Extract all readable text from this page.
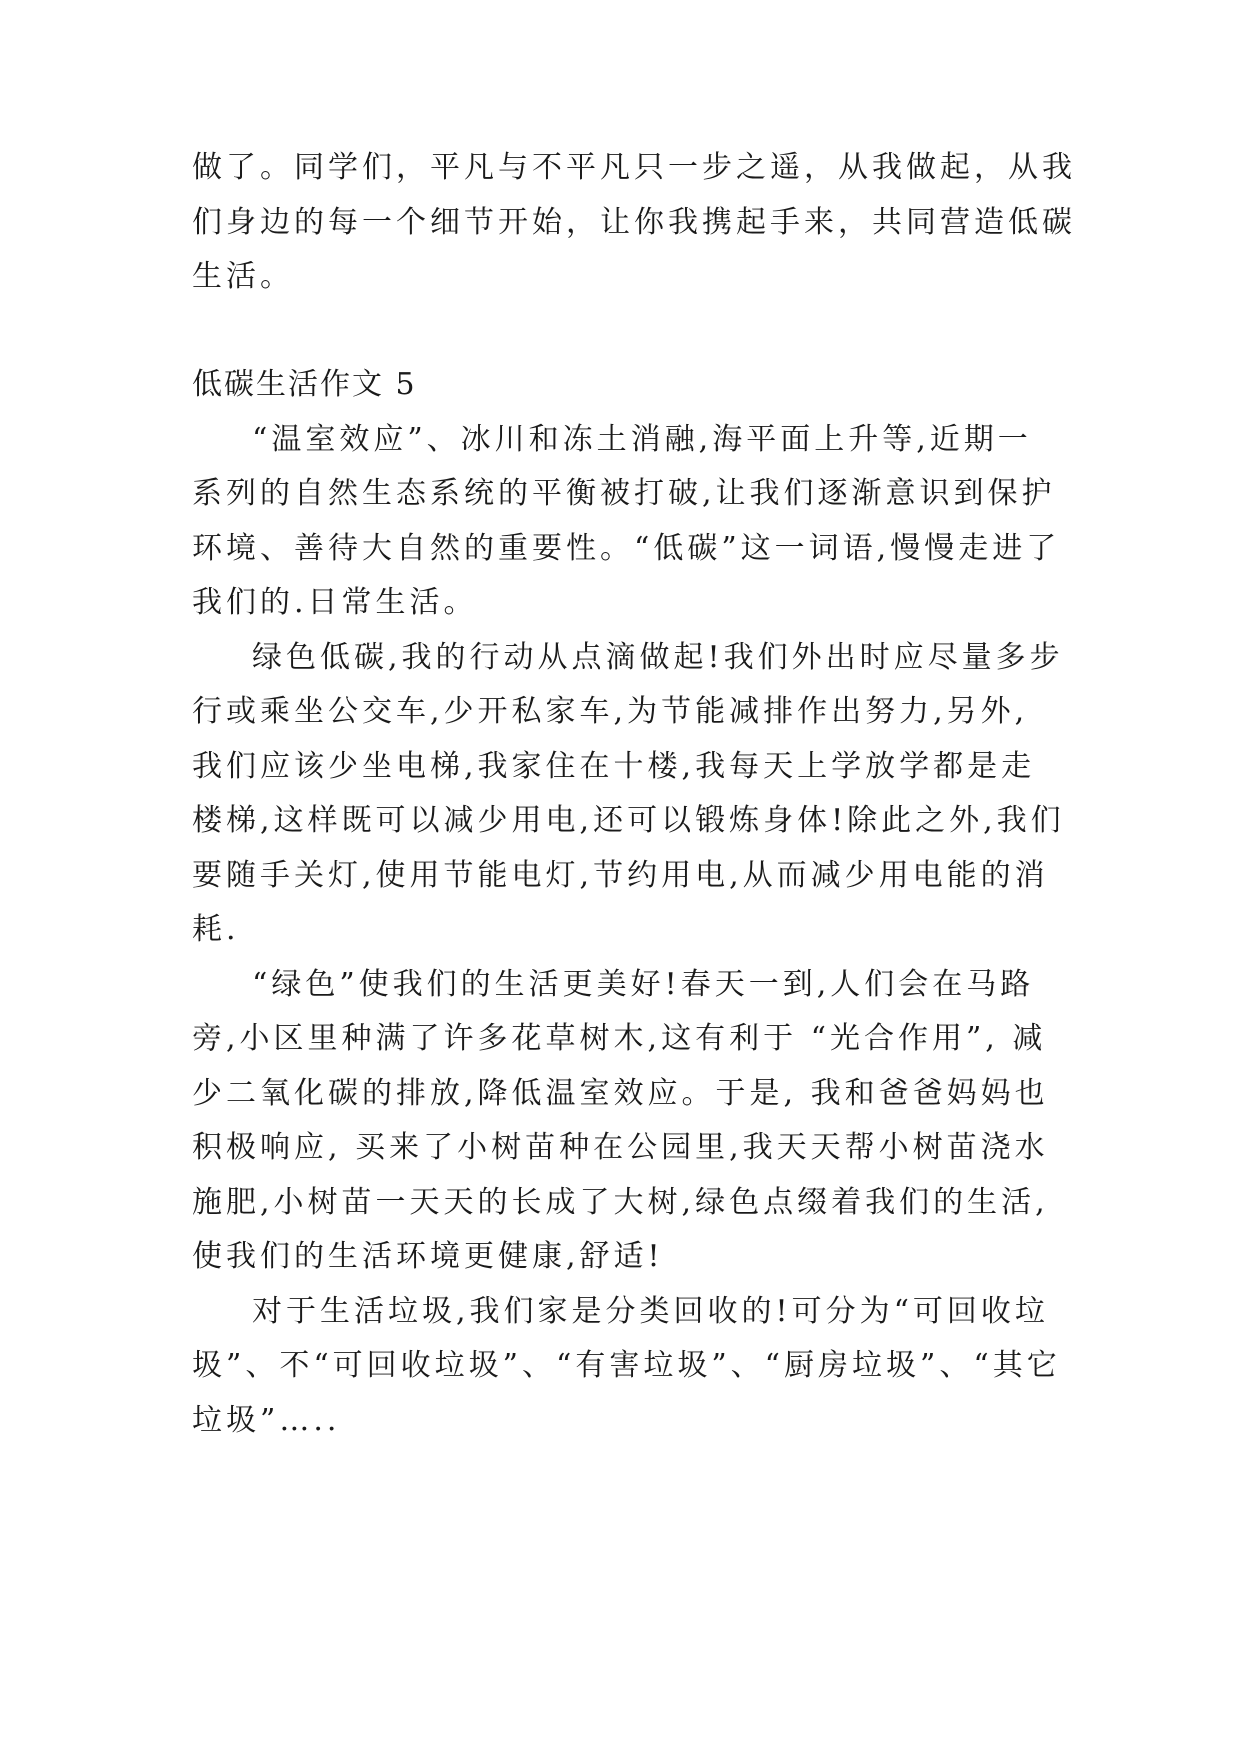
做了。同学们，平凡与不平凡只一步之遥，从我做起，从我
们身边的每一个细节开始，让你我携起手来，共同营造低碳
生活。
低碳生活作文 5
“温室效应”、冰川和冻土消融,海平面上升等,近期一
系列的自然生态系统的平衡被打破,让我们逐渐意识到保护
环境、善待大自然的重要性。“低碳”这一词语,慢慢走进了
我们的.日常生活。
绿色低碳,我的行动从点滴做起!我们外出时应尽量多步
行或乘坐公交车,少开私家车,为节能减排作出努力,另外,
我们应该少坐电梯,我家住在十楼,我每天上学放学都是走
楼梯,这样既可以减少用电,还可以锻炼身体!除此之外,我们
要随手关灯,使用节能电灯,节约用电,从而减少用电能的消
耗.
“绿色”使我们的生活更美好!春天一到,人们会在马路
旁,小区里种满了许多花草树木,这有利于 “光合作用”, 减
少二氧化碳的排放,降低温室效应。于是, 我和爸爸妈妈也
积极响应, 买来了小树苗种在公园里,我天天帮小树苗浇水
施肥,小树苗一天天的长成了大树,绿色点缀着我们的生活,
使我们的生活环境更健康,舒适!
对于生活垃圾,我们家是分类回收的!可分为“可回收垃
圾”、不“可回收垃圾”、“有害垃圾”、“厨房垃圾”、“其它
垃圾”…..
